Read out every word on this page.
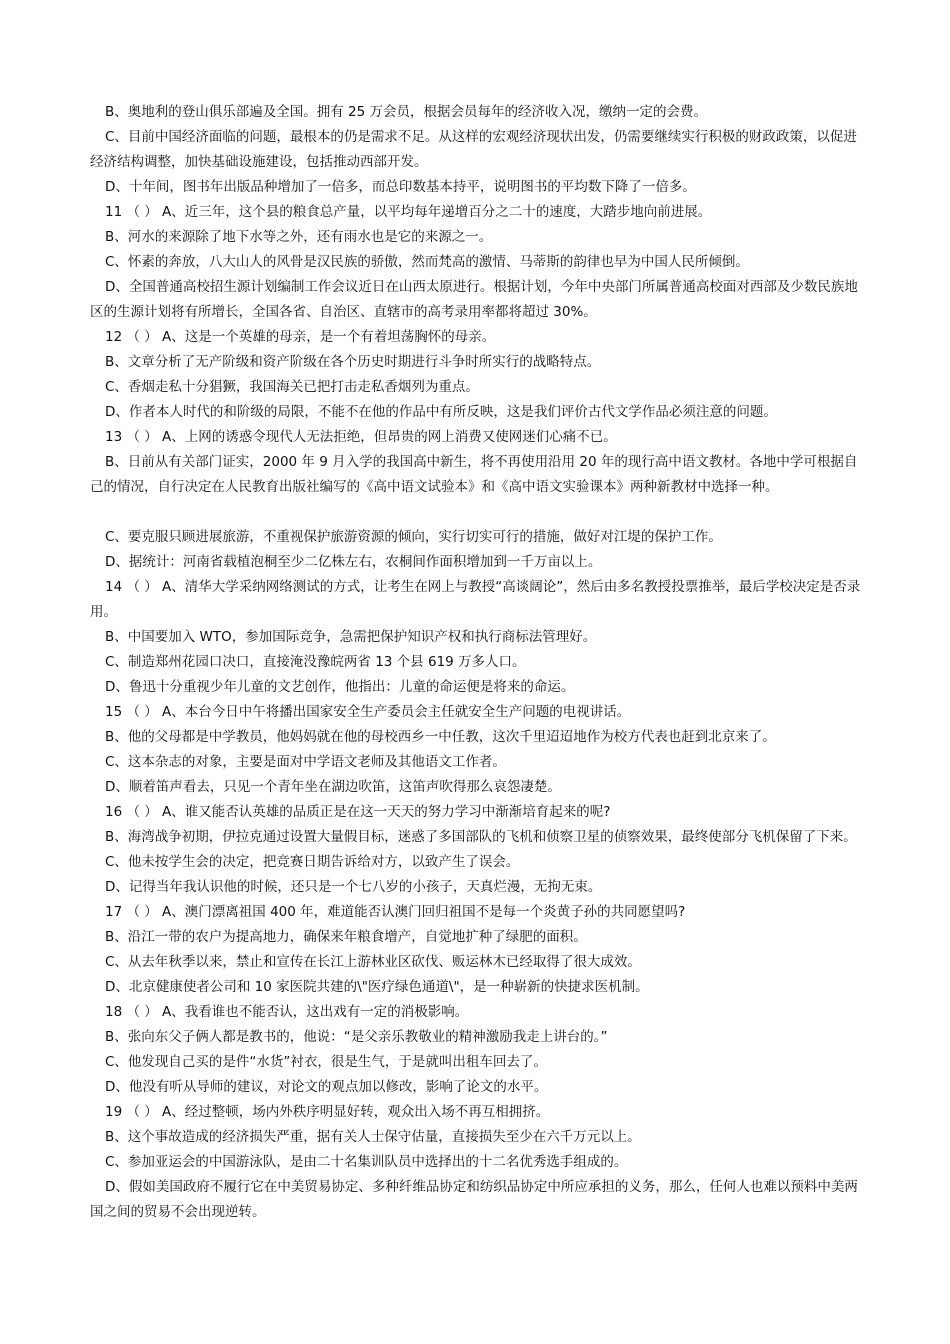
B、奥地利的登山俱乐部遍及全国。拥有 25 万会员，根据会员每年的经济收入况，缴纳一定的会费。

C、目前中国经济面临的问题，最根本的仍是需求不足。从这样的宏观经济现状出发，仍需要继续实行积极的财政政策，以促进经济结构调整，加快基础设施建设，包括推动西部开发。

D、十年间，图书年出版品种增加了一倍多，而总印数基本持平，说明图书的平均数下降了一倍多。

11 （ ） A、近三年，这个县的粮食总产量，以平均每年递增百分之二十的速度，大踏步地向前进展。

B、河水的来源除了地下水等之外，还有雨水也是它的来源之一。

C、怀素的奔放，八大山人的风骨是汉民族的骄傲，然而梵高的激情、马蒂斯的韵律也早为中国人民所倾倒。

D、全国普通高校招生源计划编制工作会议近日在山西太原进行。根据计划，今年中央部门所属普通高校面对西部及少数民族地区的生源计划将有所增长，全国各省、自治区、直辖市的高考录用率都将超过 30%。

12 （ ） A、这是一个英雄的母亲，是一个有着坦荡胸怀的母亲。

B、文章分析了无产阶级和资产阶级在各个历史时期进行斗争时所实行的战略特点。

C、香烟走私十分猖獗，我国海关已把打击走私香烟列为重点。

D、作者本人时代的和阶级的局限，不能不在他的作品中有所反映，这是我们评价古代文学作品必须注意的问题。

13 （ ） A、上网的诱惑令现代人无法拒绝，但昂贵的网上消费又使网迷们心痛不已。

B、日前从有关部门证实，2000 年 9 月入学的我国高中新生，将不再使用沿用 20 年的现行高中语文教材。各地中学可根据自己的情况，自行决定在人民教育出版社编写的《高中语文试验本》和《高中语文实验课本》两种新教材中选择一种。

C、要克服只顾进展旅游，不重视保护旅游资源的倾向，实行切实可行的措施，做好对江堤的保护工作。

D、据统计：河南省载植泡桐至少二亿株左右，农桐间作面积增加到一千万亩以上。

14 （ ） A、清华大学采纳网络测试的方式，让考生在网上与教授“高谈阔论”，然后由多名教授投票推举，最后学校决定是否录用。

B、中国要加入 WTO，参加国际竞争，急需把保护知识产权和执行商标法管理好。

C、制造郑州花园口决口，直接淹没豫皖两省 13 个县 619 万多人口。

D、鲁迅十分重视少年儿童的文艺创作，他指出：儿童的命运便是将来的命运。

15 （ ） A、本台今日中午将播出国家安全生产委员会主任就安全生产问题的电视讲话。

B、他的父母都是中学教员，他妈妈就在他的母校西乡一中任教，这次千里迢迢地作为校方代表也赶到北京来了。

C、这本杂志的对象，主要是面对中学语文老师及其他语文工作者。

D、顺着笛声看去，只见一个青年坐在湖边吹笛，这笛声吹得那么哀怨凄楚。

16 （ ） A、谁又能否认英雄的品质正是在这一天天的努力学习中渐渐培育起来的呢?

B、海湾战争初期，伊拉克通过设置大量假目标，迷惑了多国部队的飞机和侦察卫星的侦察效果，最终使部分飞机保留了下来。

C、他未按学生会的决定，把竞赛日期告诉给对方，以致产生了误会。

D、记得当年我认识他的时候，还只是一个七八岁的小孩子，天真烂漫，无拘无束。

17 （ ） A、澳门漂离祖国 400 年，难道能否认澳门回归祖国不是每一个炎黄子孙的共同愿望吗?

B、沿江一带的农户为提高地力，确保来年粮食增产，自觉地扩种了绿肥的面积。

C、从去年秋季以来，禁止和宣传在长江上游林业区砍伐、贩运林木已经取得了很大成效。

D、北京健康使者公司和 10 家医院共建的\"医疗绿色通道\"，是一种崭新的快捷求医机制。

18 （ ） A、我看谁也不能否认，这出戏有一定的消极影响。

B、张向东父子俩人都是教书的，他说：“是父亲乐教敬业的精神激励我走上讲台的。”

C、他发现自己买的是件“水货”衬衣，很是生气，于是就叫出租车回去了。

D、他没有听从导师的建议，对论文的观点加以修改，影响了论文的水平。

19 （ ） A、经过整顿，场内外秩序明显好转，观众出入场不再互相拥挤。

B、这个事故造成的经济损失严重，据有关人士保守估量，直接损失至少在六千万元以上。

C、参加亚运会的中国游泳队，是由二十名集训队员中选择出的十二名优秀选手组成的。

D、假如美国政府不履行它在中美贸易协定、多种纤维品协定和纺织品协定中所应承担的义务，那么，任何人也难以预料中美两国之间的贸易不会出现逆转。
